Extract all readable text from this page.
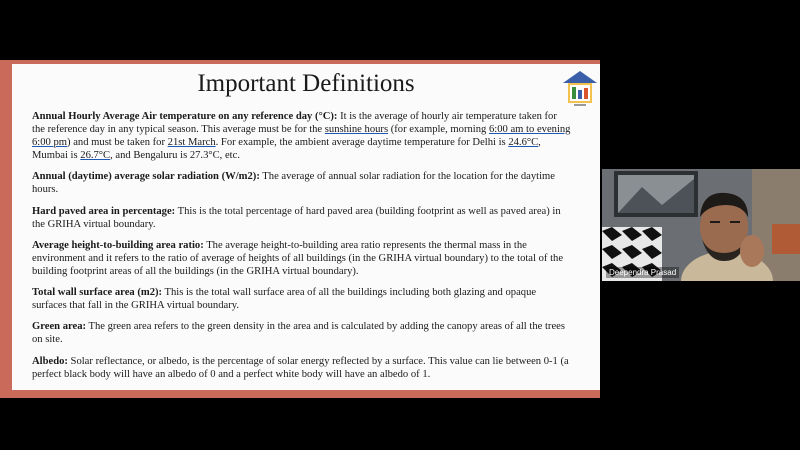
Important Definitions
Annual Hourly Average Air temperature on any reference day (°C): It is the average of hourly air temperature taken for the reference day in any typical season. This average must be for the sunshine hours (for example, morning 6:00 am to evening 6:00 pm) and must be taken for 21st March. For example, the ambient average daytime temperature for Delhi is 24.6°C, Mumbai is 26.7°C, and Bengaluru is 27.3°C, etc.
Annual (daytime) average solar radiation (W/m2): The average of annual solar radiation for the location for the daytime hours.
Hard paved area in percentage: This is the total percentage of hard paved area (building footprint as well as paved area) in the GRIHA virtual boundary.
Average height-to-building area ratio: The average height-to-building area ratio represents the thermal mass in the environment and it refers to the ratio of average of heights of all buildings (in the GRIHA virtual boundary) to the total of the building footprint areas of all the buildings (in the GRIHA virtual boundary).
Total wall surface area (m2): This is the total wall surface area of all the buildings including both glazing and opaque surfaces that fall in the GRIHA virtual boundary.
Green area: The green area refers to the green density in the area and is calculated by adding the canopy areas of all the trees on site.
Albedo: Solar reflectance, or albedo, is the percentage of solar energy reflected by a surface. This value can lie between 0-1 (a perfect black body will have an albedo of 0 and a perfect white body will have an albedo of 1.
Deependra Prasad
